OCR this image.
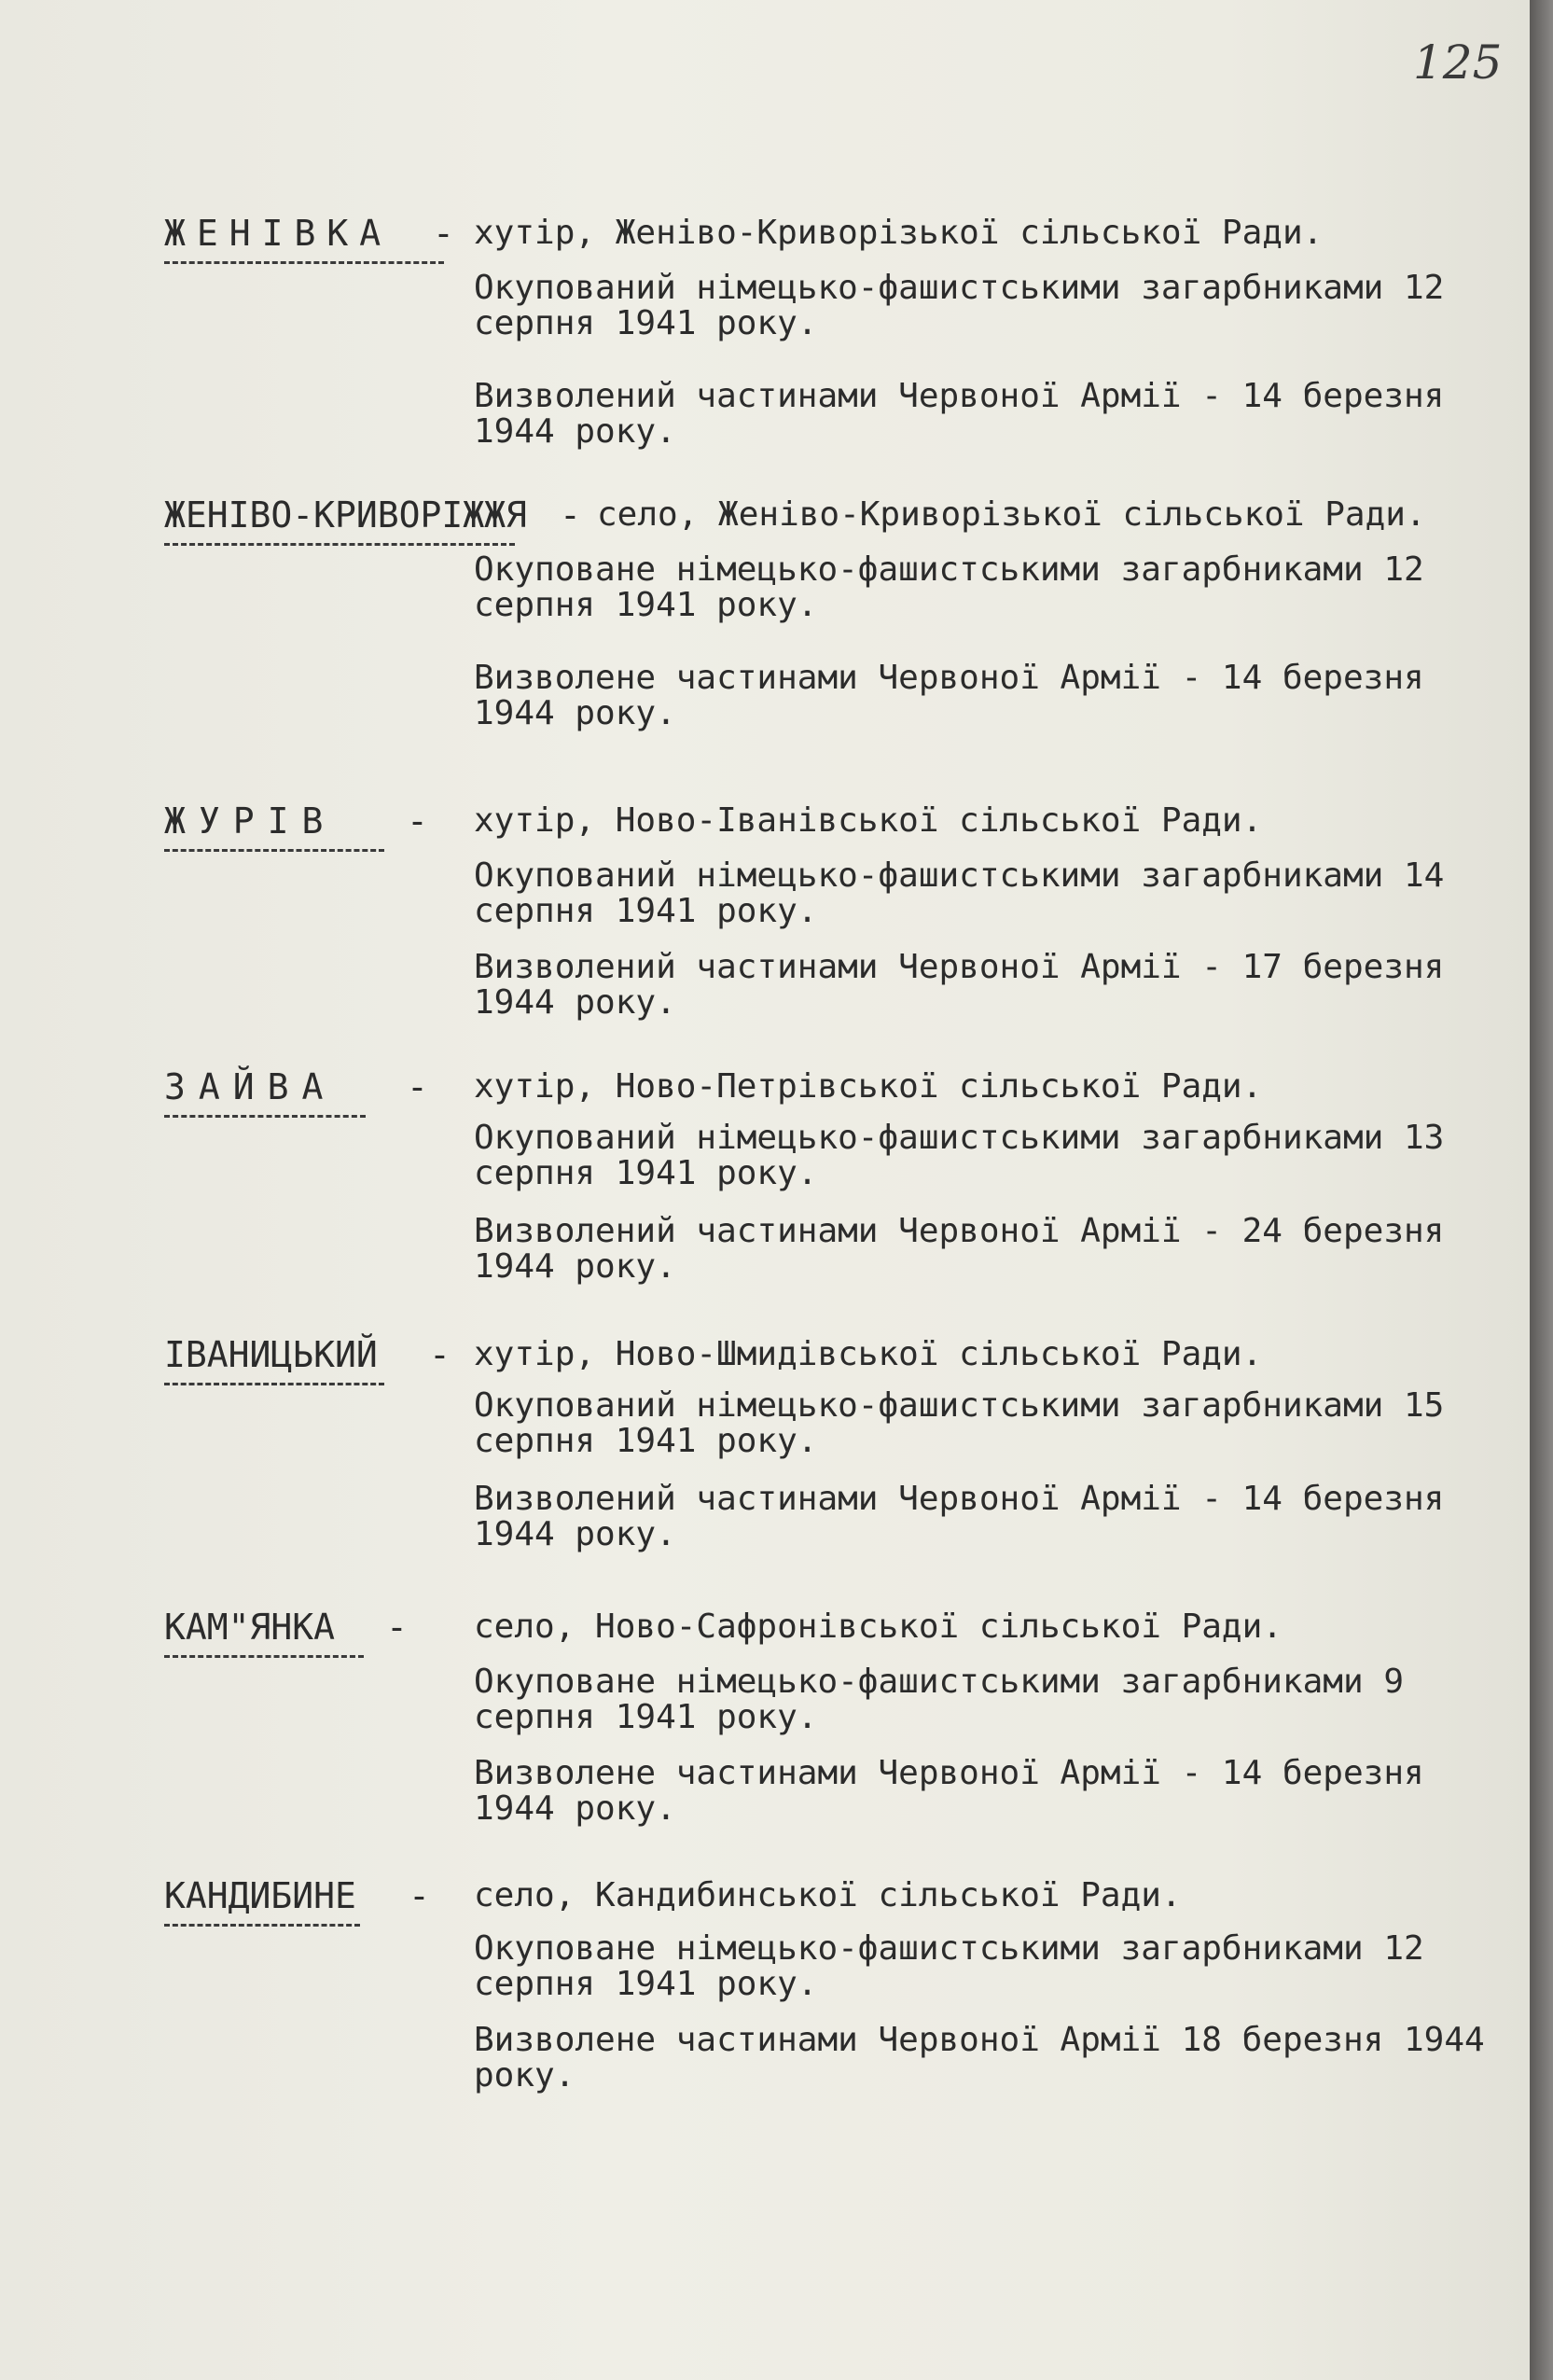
125
ЖЕНІВКА - хутір, Женіво-Криворізької сільської Ради.

Окупований німецько-фашистськими загарбниками 12 серпня 1941 року.

Визволений частинами Червоної Армії - 14 березня 1944 року.

ЖЕНІВО-КРИВОРІЖЖЯ - село, Женіво-Криворізької сільської Ради.

Окуповане німецько-фашистськими загарбниками 12 серпня 1941 року.

Визволене частинами Червоної Армії - 14 березня 1944 року.

ЖУРІВ - хутір, Ново-Іванівської сільської Ради.

Окупований німецько-фашистськими загарбниками 14 серпня 1941 року.

Визволений частинами Червоної Армії - 17 березня 1944 року.

ЗАЙВА - хутір, Ново-Петрівської сільської Ради.

Окупований німецько-фашистськими загарбниками 13 серпня 1941 року.

Визволений частинами Червоної Армії - 24 березня 1944 року.

ІВАНИЦЬКИЙ - хутір, Ново-Шмидівської сільської Ради.

Окупований німецько-фашистськими загарбниками 15 серпня 1941 року.

Визволений частинами Червоної Армії - 14 березня 1944 року.

КАМ"ЯНКА - село, Ново-Сафронівської сільської Ради.

Окуповане німецько-фашистськими загарбниками 9 серпня 1941 року.

Визволене частинами Червоної Армії - 14 березня 1944 року.

КАНДИБИНЕ - село, Кандибинської сільської Ради.

Окуповане німецько-фашистськими загарбниками 12 серпня 1941 року.

Визволене частинами Червоної Армії 18 березня 1944 року.
